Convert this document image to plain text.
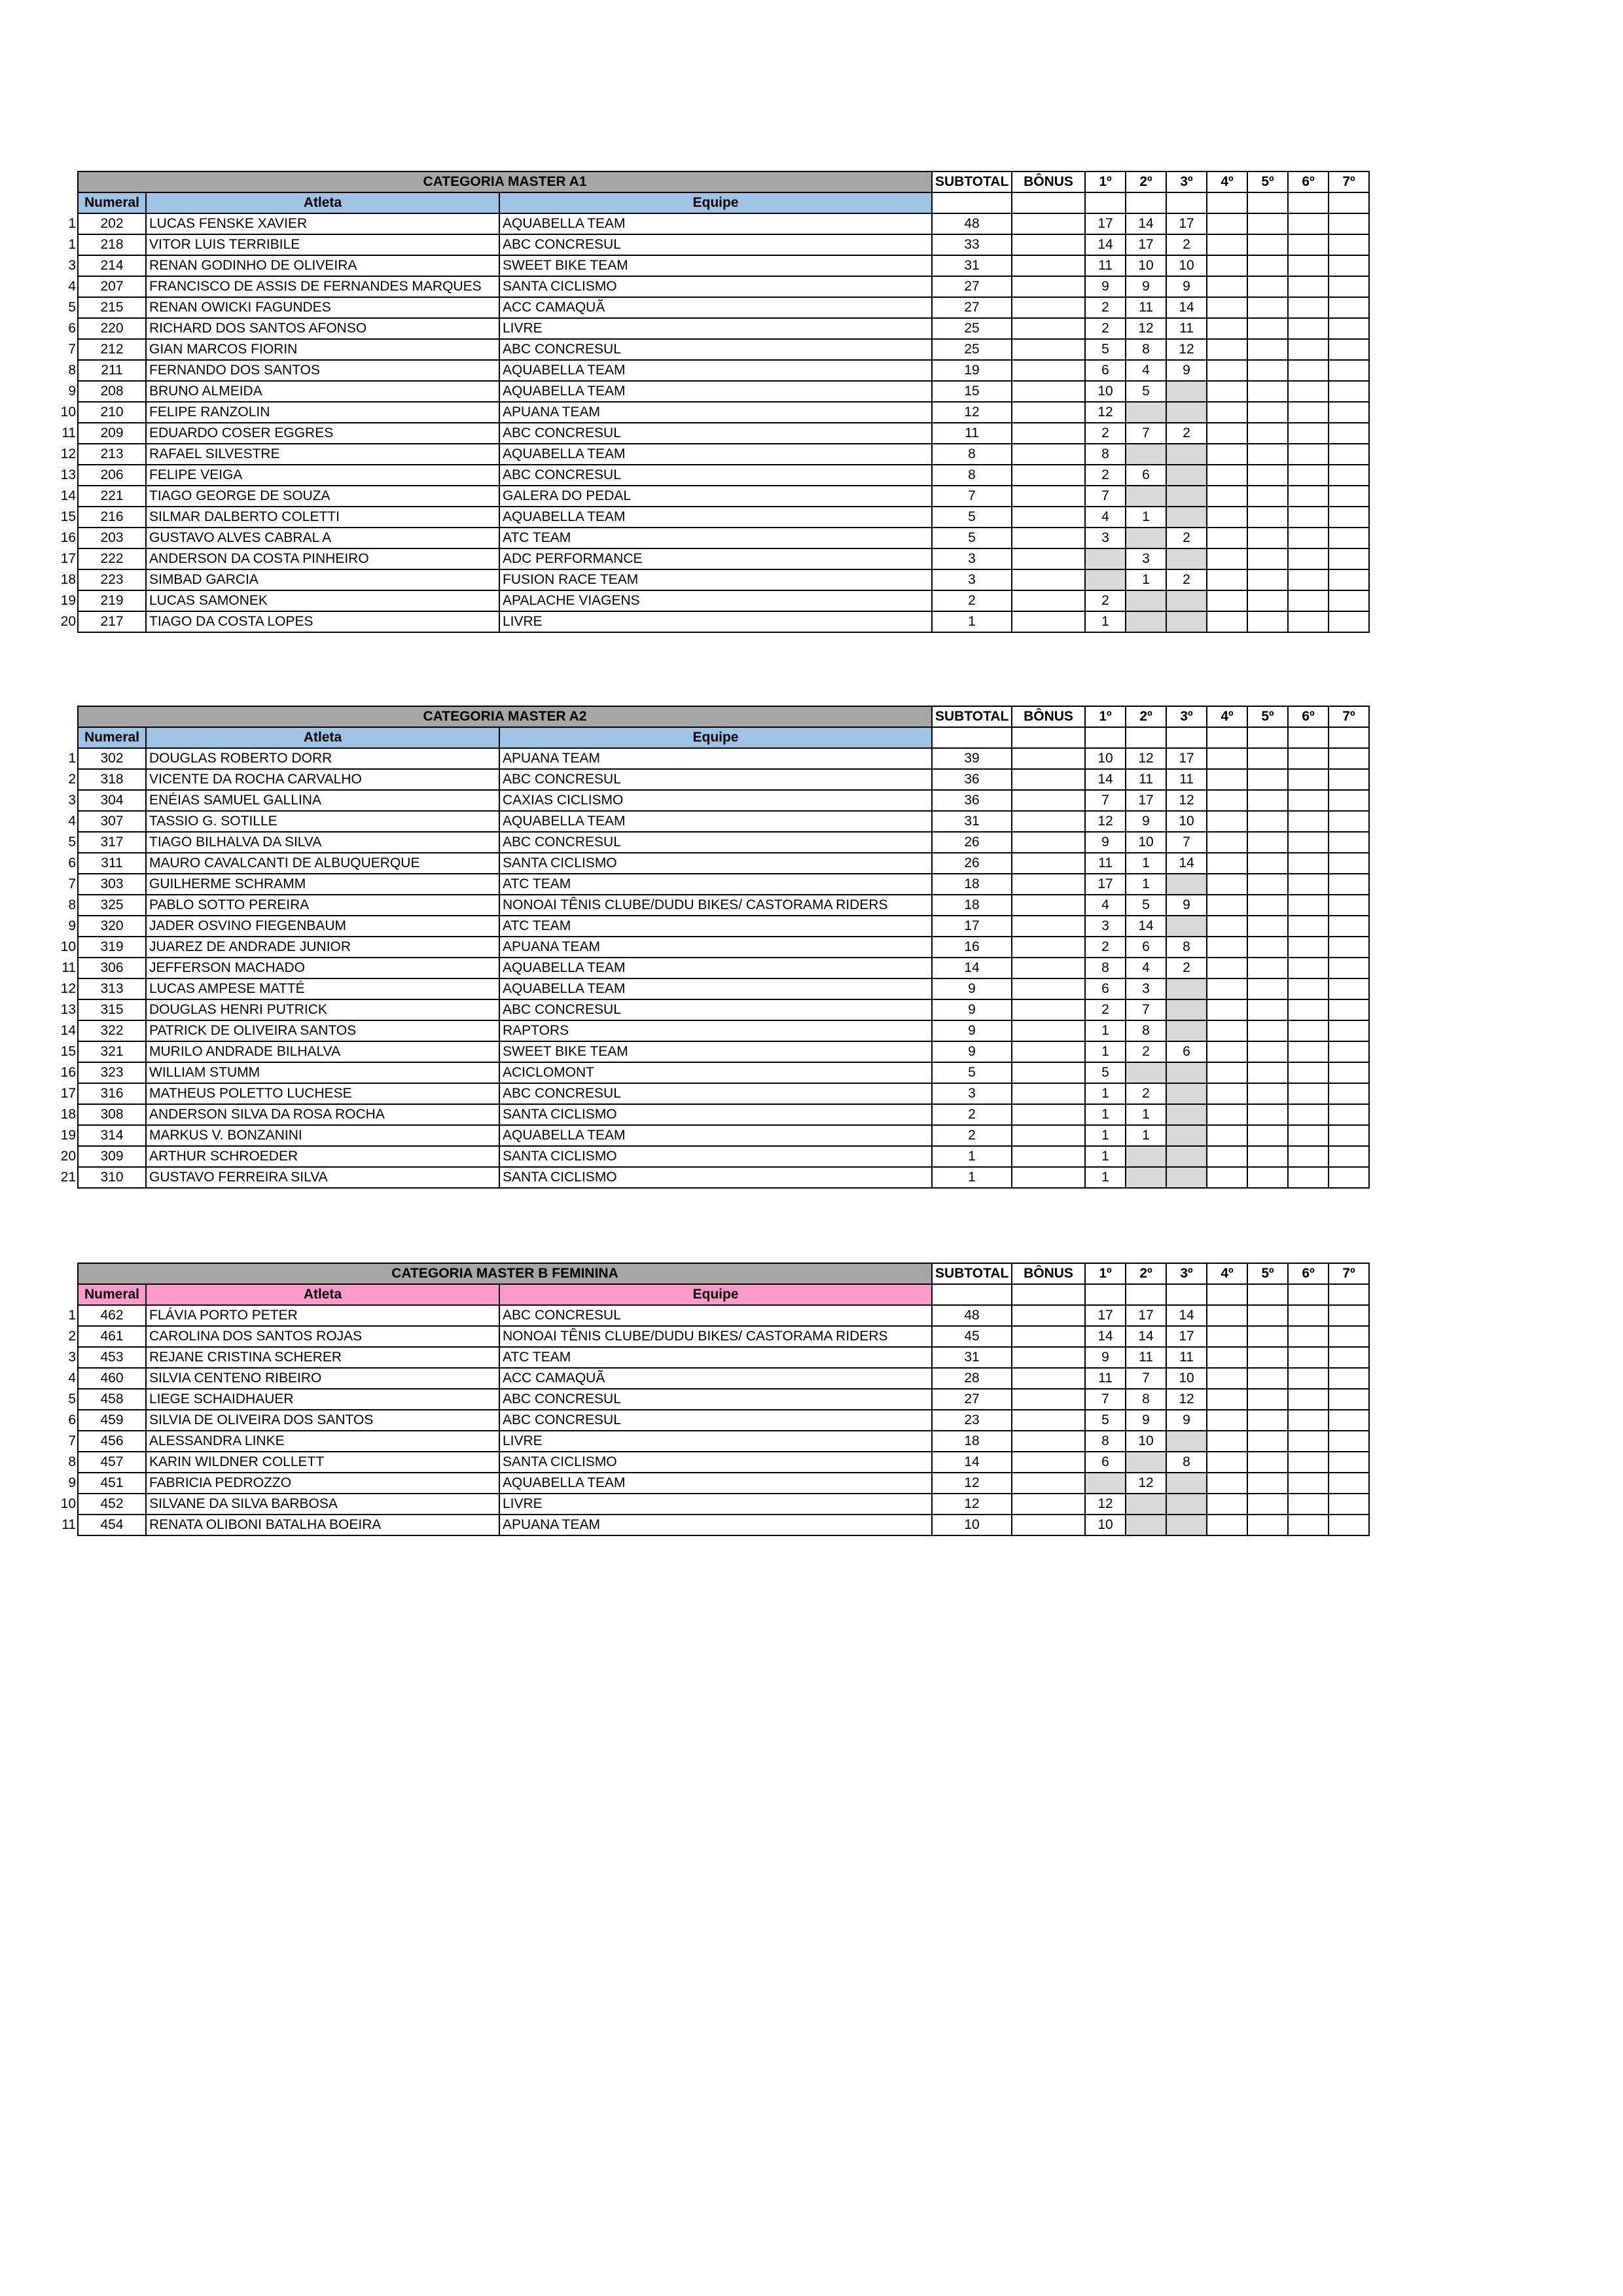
	CATEGORIA MASTER A1			SUBTOTAL	BÔNUS	1º	2º	3º	4º	5º	6º	7º
	Numeral	Atleta	Equipe									
1	202	LUCAS FENSKE XAVIER	AQUABELLA TEAM	48		17	14	17				
1	218	VITOR LUIS TERRIBILE	ABC CONCRESUL	33		14	17	2				
3	214	RENAN GODINHO DE OLIVEIRA	SWEET BIKE TEAM	31		11	10	10				
4	207	FRANCISCO DE ASSIS DE FERNANDES MARQUES	SANTA CICLISMO	27		9	9	9				
5	215	RENAN OWICKI FAGUNDES	ACC CAMAQUÃ	27		2	11	14				
6	220	RICHARD DOS SANTOS AFONSO	LIVRE	25		2	12	11				
7	212	GIAN MARCOS FIORIN	ABC CONCRESUL	25		5	8	12				
8	211	FERNANDO DOS SANTOS	AQUABELLA TEAM	19		6	4	9				
9	208	BRUNO ALMEIDA	AQUABELLA TEAM	15		10	5					
10	210	FELIPE RANZOLIN	APUANA TEAM	12		12						
11	209	EDUARDO COSER EGGRES	ABC CONCRESUL	11		2	7	2				
12	213	RAFAEL SILVESTRE	AQUABELLA TEAM	8		8						
13	206	FELIPE VEIGA	ABC CONCRESUL	8		2	6					
14	221	TIAGO GEORGE DE SOUZA	GALERA DO PEDAL	7		7						
15	216	SILMAR DALBERTO COLETTI	AQUABELLA TEAM	5		4	1					
16	203	GUSTAVO ALVES CABRAL A	ATC TEAM	5		3		2				
17	222	ANDERSON DA COSTA PINHEIRO	ADC PERFORMANCE	3			3					
18	223	SIMBAD GARCIA	FUSION RACE TEAM	3			1	2				
19	219	LUCAS SAMONEK	APALACHE VIAGENS	2		2						
20	217	TIAGO DA COSTA LOPES	LIVRE	1		1						
	CATEGORIA MASTER A2			SUBTOTAL	BÔNUS	1º	2º	3º	4º	5º	6º	7º
	Numeral	Atleta	Equipe									
1	302	DOUGLAS ROBERTO DORR	APUANA TEAM	39		10	12	17				
2	318	VICENTE DA ROCHA CARVALHO	ABC CONCRESUL	36		14	11	11				
3	304	ENÉIAS SAMUEL GALLINA	CAXIAS CICLISMO	36		7	17	12				
4	307	TASSIO G. SOTILLE	AQUABELLA TEAM	31		12	9	10				
5	317	TIAGO BILHALVA DA SILVA	ABC CONCRESUL	26		9	10	7				
6	311	MAURO CAVALCANTI DE ALBUQUERQUE	SANTA CICLISMO	26		11	1	14				
7	303	GUILHERME SCHRAMM	ATC TEAM	18		17	1					
8	325	PABLO SOTTO PEREIRA	NONOAI TÊNIS CLUBE/DUDU BIKES/ CASTORAMA RIDERS	18		4	5	9				
9	320	JADER OSVINO FIEGENBAUM	ATC TEAM	17		3	14					
10	319	JUAREZ DE ANDRADE JUNIOR	APUANA TEAM	16		2	6	8				
11	306	JEFFERSON MACHADO	AQUABELLA TEAM	14		8	4	2				
12	313	LUCAS AMPESE MATTÉ	AQUABELLA TEAM	9		6	3					
13	315	DOUGLAS HENRI PUTRICK	ABC CONCRESUL	9		2	7					
14	322	PATRICK DE OLIVEIRA SANTOS	RAPTORS	9		1	8					
15	321	MURILO ANDRADE BILHALVA	SWEET BIKE TEAM	9		1	2	6				
16	323	WILLIAM STUMM	ACICLOMONT	5		5						
17	316	MATHEUS POLETTO LUCHESE	ABC CONCRESUL	3		1	2					
18	308	ANDERSON SILVA DA ROSA ROCHA	SANTA CICLISMO	2		1	1					
19	314	MARKUS V. BONZANINI	AQUABELLA TEAM	2		1	1					
20	309	ARTHUR SCHROEDER	SANTA CICLISMO	1		1						
21	310	GUSTAVO FERREIRA SILVA	SANTA CICLISMO	1		1						
	CATEGORIA MASTER B FEMININA			SUBTOTAL	BÔNUS	1º	2º	3º	4º	5º	6º	7º
	Numeral	Atleta	Equipe									
1	462	FLÁVIA PORTO PETER	ABC CONCRESUL	48		17	17	14				
2	461	CAROLINA DOS SANTOS ROJAS	NONOAI TÊNIS CLUBE/DUDU BIKES/ CASTORAMA RIDERS	45		14	14	17				
3	453	REJANE CRISTINA SCHERER	ATC TEAM	31		9	11	11				
4	460	SILVIA CENTENO RIBEIRO	ACC CAMAQUÃ	28		11	7	10				
5	458	LIEGE SCHAIDHAUER	ABC CONCRESUL	27		7	8	12				
6	459	SILVIA DE OLIVEIRA DOS SANTOS	ABC CONCRESUL	23		5	9	9				
7	456	ALESSANDRA LINKE	LIVRE	18		8	10					
8	457	KARIN WILDNER COLLETT	SANTA CICLISMO	14		6		8				
9	451	FABRICIA PEDROZZO	AQUABELLA TEAM	12			12					
10	452	SILVANE DA SILVA BARBOSA	LIVRE	12		12						
11	454	RENATA OLIBONI BATALHA BOEIRA	APUANA TEAM	10		10						
